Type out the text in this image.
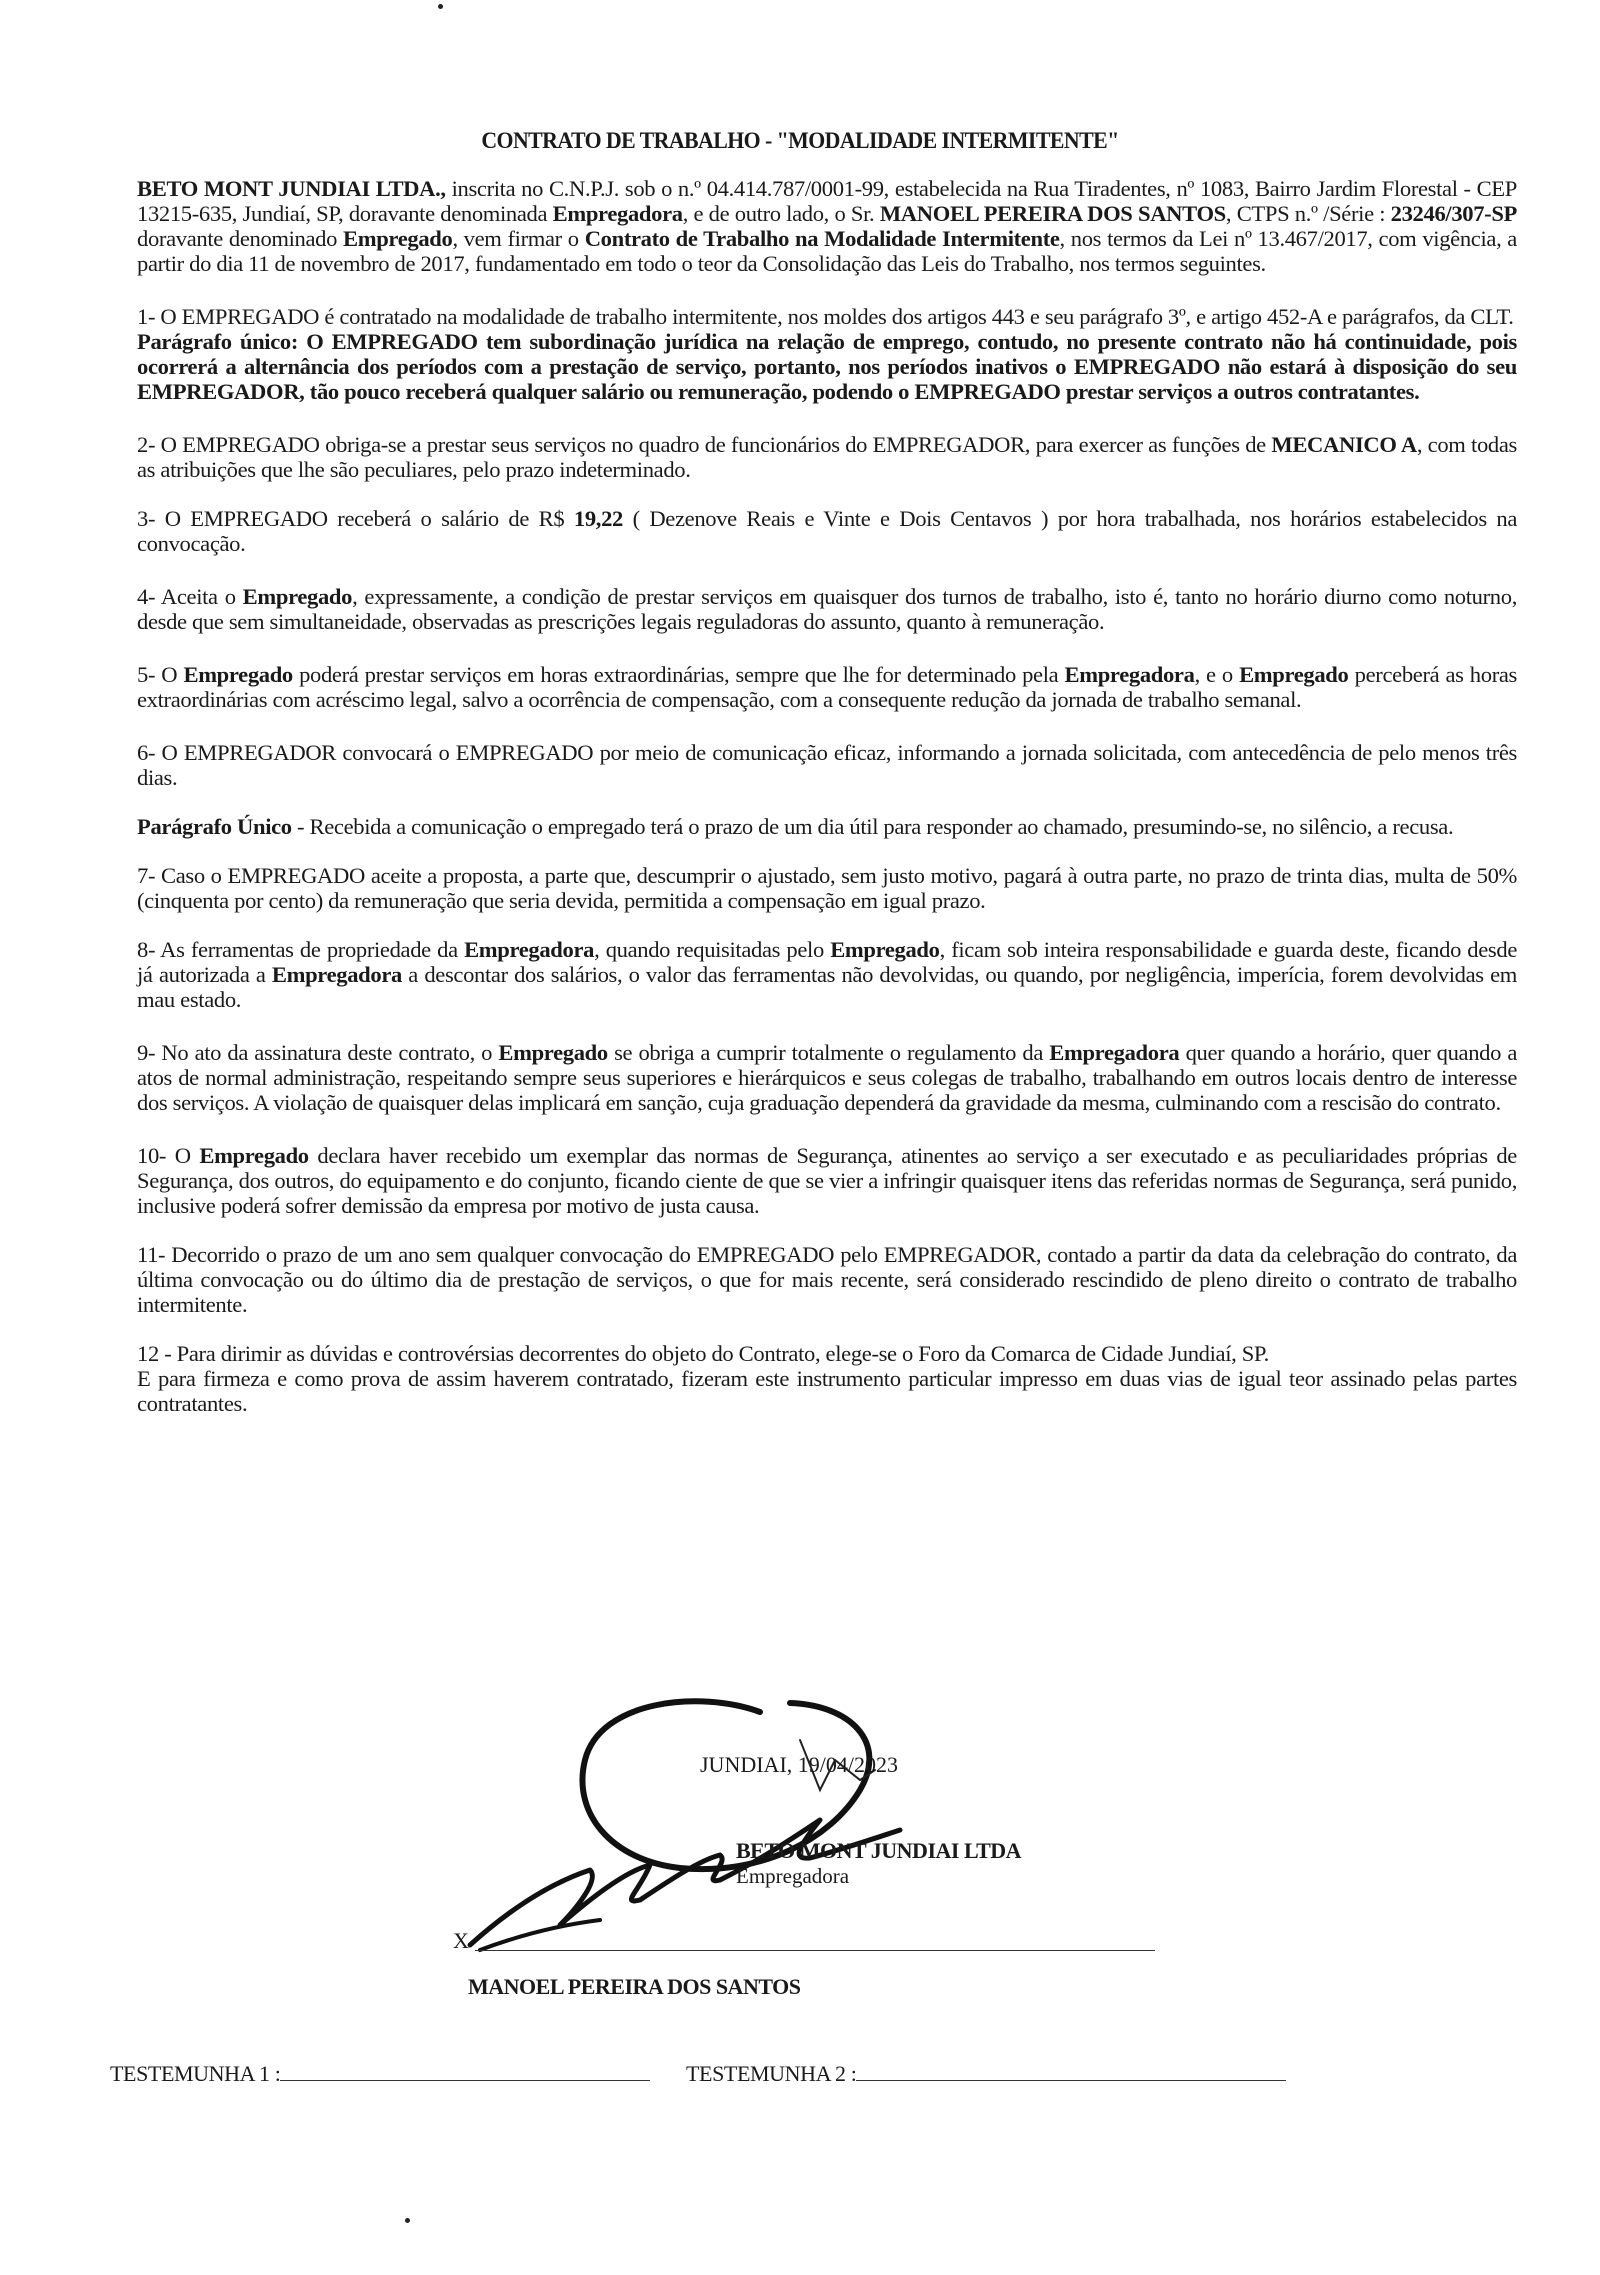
CONTRATO DE TRABALHO - "MODALIDADE INTERMITENTE"

BETO MONT JUNDIAI LTDA., inscrita no C.N.P.J. sob o n.º 04.414.787/0001-99, estabelecida na Rua Tiradentes, nº 1083, Bairro Jardim Florestal - CEP 13215-635, Jundiaí, SP, doravante denominada Empregadora, e de outro lado, o Sr. MANOEL PEREIRA DOS SANTOS, CTPS n.º /Série : 23246/307-SP doravante denominado Empregado, vem firmar o Contrato de Trabalho na Modalidade Intermitente, nos termos da Lei nº 13.467/2017, com vigência, a partir do dia 11 de novembro de 2017, fundamentado em todo o teor da Consolidação das Leis do Trabalho, nos termos seguintes.

1- O EMPREGADO é contratado na modalidade de trabalho intermitente, nos moldes dos artigos 443 e seu parágrafo 3º, e artigo 452-A e parágrafos, da CLT.

Parágrafo único: O EMPREGADO tem subordinação jurídica na relação de emprego, contudo, no presente contrato não há continuidade, pois ocorrerá a alternância dos períodos com a prestação de serviço, portanto, nos períodos inativos o EMPREGADO não estará à disposição do seu EMPREGADOR, tão pouco receberá qualquer salário ou remuneração, podendo o EMPREGADO prestar serviços a outros contratantes.

2- O EMPREGADO obriga-se a prestar seus serviços no quadro de funcionários do EMPREGADOR, para exercer as funções de MECANICO A, com todas as atribuições que lhe são peculiares, pelo prazo indeterminado.

3- O EMPREGADO receberá o salário de R$ 19,22 ( Dezenove Reais e Vinte e Dois Centavos ) por hora trabalhada, nos horários estabelecidos na convocação.

4- Aceita o Empregado, expressamente, a condição de prestar serviços em quaisquer dos turnos de trabalho, isto é, tanto no horário diurno como noturno, desde que sem simultaneidade, observadas as prescrições legais reguladoras do assunto, quanto à remuneração.

5- O Empregado poderá prestar serviços em horas extraordinárias, sempre que lhe for determinado pela Empregadora, e o Empregado perceberá as horas extraordinárias com acréscimo legal, salvo a ocorrência de compensação, com a consequente redução da jornada de trabalho semanal.

6- O EMPREGADOR convocará o EMPREGADO por meio de comunicação eficaz, informando a jornada solicitada, com antecedência de pelo menos três dias.

Parágrafo Único - Recebida a comunicação o empregado terá o prazo de um dia útil para responder ao chamado, presumindo-se, no silêncio, a recusa.

7- Caso o EMPREGADO aceite a proposta, a parte que, descumprir o ajustado, sem justo motivo, pagará à outra parte, no prazo de trinta dias, multa de 50% (cinquenta por cento) da remuneração que seria devida, permitida a compensação em igual prazo.

8- As ferramentas de propriedade da Empregadora, quando requisitadas pelo Empregado, ficam sob inteira responsabilidade e guarda deste, ficando desde já autorizada a Empregadora a descontar dos salários, o valor das ferramentas não devolvidas, ou quando, por negligência, imperícia, forem devolvidas em mau estado.

9- No ato da assinatura deste contrato, o Empregado se obriga a cumprir totalmente o regulamento da Empregadora quer quando a horário, quer quando a atos de normal administração, respeitando sempre seus superiores e hierárquicos e seus colegas de trabalho, trabalhando em outros locais dentro de interesse dos serviços. A violação de quaisquer delas implicará em sanção, cuja graduação dependerá da gravidade da mesma, culminando com a rescisão do contrato.

10- O Empregado declara haver recebido um exemplar das normas de Segurança, atinentes ao serviço a ser executado e as peculiaridades próprias de Segurança, dos outros, do equipamento e do conjunto, ficando ciente de que se vier a infringir quaisquer itens das referidas normas de Segurança, será punido, inclusive poderá sofrer demissão da empresa por motivo de justa causa.

11- Decorrido o prazo de um ano sem qualquer convocação do EMPREGADO pelo EMPREGADOR, contado a partir da data da celebração do contrato, da última convocação ou do último dia de prestação de serviços, o que for mais recente, será considerado rescindido de pleno direito o contrato de trabalho intermitente.

12 - Para dirimir as dúvidas e controvérsias decorrentes do objeto do Contrato, elege-se o Foro da Comarca de Cidade Jundiaí, SP.

E para firmeza e como prova de assim haverem contratado, fizeram este instrumento particular impresso em duas vias de igual teor assinado pelas partes contratantes.

JUNDIAI, 19/04/2023
BETO MONT JUNDIAI LTDA
Empregadora
X
MANOEL PEREIRA DOS SANTOS
TESTEMUNHA 1 :	TESTEMUNHA 2 :
